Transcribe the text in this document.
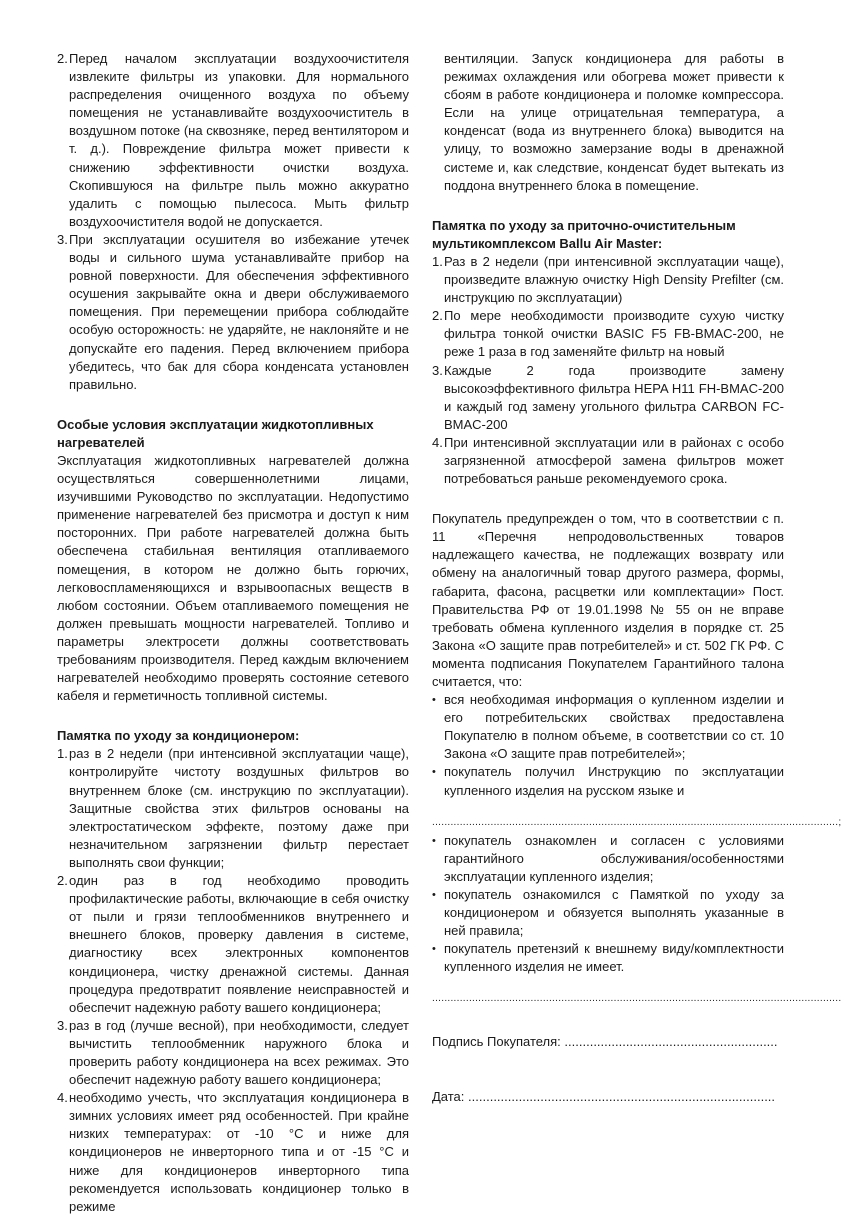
2. Перед началом эксплуатации воздухоочистителя извлеките фильтры из упаковки. Для нормального распределения очищенного воздуха по объему помещения не устанавливайте воздухоочиститель в воздушном потоке (на сквозняке, перед вентилятором и т. д.). Повреждение фильтра может привести к снижению эффективности очистки воздуха. Скопившуюся на фильтре пыль можно аккуратно удалить с помощью пылесоса. Мыть фильтр воздухоочистителя водой не допускается.
3. При эксплуатации осушителя во избежание утечек воды и сильного шума устанавливайте прибор на ровной поверхности. Для обеспечения эффективного осушения закрывайте окна и двери обслуживаемого помещения. При перемещении прибора соблюдайте особую осторожность: не ударяйте, не наклоняйте и не допускайте его падения. Перед включением прибора убедитесь, что бак для сбора конденсата установлен правильно.
Особые условия эксплуатации жидкотопливных нагревателей

Эксплуатация жидкотопливных нагревателей должна осуществляться совершеннолетними лицами, изучившими Руководство по эксплуатации. Недопустимо применение нагревателей без присмотра и доступ к ним посторонних. При работе нагревателей должна быть обеспечена стабильная вентиляция отапливаемого помещения, в котором не должно быть горючих, легковоспламеняющихся и взрывоопасных веществ в любом состоянии. Объем отапливаемого помещения не должен превышать мощности нагревателей. Топливо и параметры электросети должны соответствовать требованиям производителя. Перед каждым включением нагревателей необходимо проверять состояние сетевого кабеля и герметичность топливной системы.

Памятка по уходу за кондиционером:
1. раз в 2 недели (при интенсивной эксплуатации чаще), контролируйте чистоту воздушных фильтров во внутреннем блоке (см. инструкцию по эксплуатации). Защитные свойства этих фильтров основаны на электростатическом эффекте, поэтому даже при незначительном загрязнении фильтр перестает выполнять свои функции;
2. один раз в год необходимо проводить профилактические работы, включающие в себя очистку от пыли и грязи теплообменников внутреннего и внешнего блоков, проверку давления в системе, диагностику всех электронных компонентов кондиционера, чистку дренажной системы. Данная процедура предотвратит появление неисправностей и обеспечит надежную работу вашего кондиционера;
3. раз в год (лучше весной), при необходимости, следует вычистить теплообменник наружного блока и проверить работу кондиционера на всех режимах. Это обеспечит надежную работу вашего кондиционера;
4. необходимо учесть, что эксплуатация кондиционера в зимних условиях имеет ряд особенностей. При крайне низких температурах: от -10 °С и ниже для кондиционеров не инверторного типа и от -15 °С и ниже для кондиционеров инверторного типа рекомендуется использовать кондиционер только в режиме

вентиляции. Запуск кондиционера для работы в режимах охлаждения или обогрева может привести к сбоям в работе кондиционера и поломке компрессора. Если на улице отрицательная температура, а конденсат (вода из внутреннего блока) выводится на улицу, то возможно замерзание воды в дренажной системе и, как следствие, конденсат будет вытекать из поддона внутреннего блока в помещение.

Памятка по уходу за приточно-очистительным мультикомплексом Ballu Air Master:
1. Раз в 2 недели (при интенсивной эксплуатации чаще), произведите влажную очистку High Density Prefilter (см. инструкцию по эксплуатации)
2. По мере необходимости производите сухую чистку фильтра тонкой очистки BASIC F5 FB-BMAC-200, не реже 1 раза в год заменяйте фильтр на новый
3. Каждые 2 года производите замену высокоэффективного фильтра HEPA H11 FH-BMAC-200 и каждый год замену угольного фильтра CARBON FC-BMAC-200
4. При интенсивной эксплуатации или в районах с особо загрязненной атмосферой замена фильтров может потребоваться раньше рекомендуемого срока.

Покупатель предупрежден о том, что в соответствии с п. 11 «Перечня непродовольственных товаров надлежащего качества, не подлежащих возврату или обмену на аналогичный товар другого размера, формы, габарита, фасона, расцветки или комплектации» Пост. Правительства РФ от 19.01.1998 № 55 он не вправе требовать обмена купленного изделия в порядке ст. 25 Закона «О защите прав потребителей» и ст. 502 ГК РФ. С момента подписания Покупателем Гарантийного талона считается, что:

• вся необходимая информация о купленном изделии и его потребительских свойствах предоставлена Покупателю в полном объеме, в соответствии со ст. 10 Закона «О защите прав потребителей»;
• покупатель получил Инструкцию по эксплуатации купленного изделия на русском языке и
....................................................................................................................................;
• покупатель ознакомлен и согласен с условиями гарантийного обслуживания/особенностями эксплуатации купленного изделия;
• покупатель ознакомился с Памяткой по уходу за кондиционером и обязуется выполнять указанные в ней правила;
• покупатель претензий к внешнему виду/комплектности купленного изделия не имеет.
.....................................................................................................................................
Подпись Покупателя: ...........................................................
Дата: .....................................................................................
